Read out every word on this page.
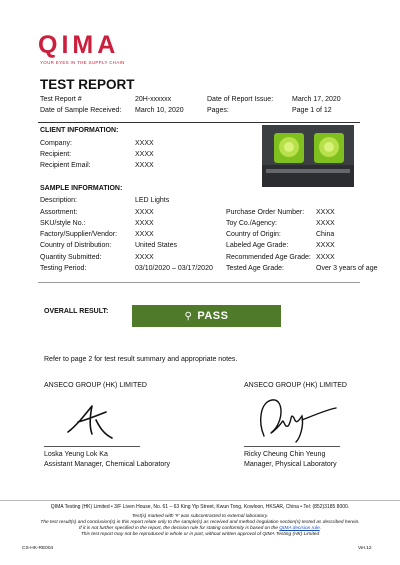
QIMA
YOUR EYES IN THE SUPPLY CHAIN
TEST REPORT
Test Report #	20H-xxxxxx	Date of Report Issue:	March 17, 2020
Date of Sample Received: March 10, 2020	Pages:	Page 1 of 12
CLIENT INFORMATION:
Company:	XXXX
Recipient:	XXXX
Recipient Email:	XXXX
SAMPLE INFORMATION:
Description:	LED Lights
Assortment:	XXXX
SKU/style No.:	XXXX
Factory/Supplier/Vendor:	XXXX
Country of Distribution:	United States
Quantity Submitted:	XXXX
Testing Period:	03/10/2020 – 03/17/2020
Purchase Order Number: XXXX
Toy Co./Agency:	XXXX
Country of Origin:	China
Labeled Age Grade:	XXXX
Recommended Age Grade: XXXX
Tested Age Grade:	Over 3 years of age
OVERALL RESULT:	⚲ PASS
Refer to page 2 for test result summary and appropriate notes.
ANSECO GROUP (HK) LIMITED	ANSECO GROUP (HK) LIMITED
Loska Yeung Lok Ka
Assistant Manager, Chemical Laboratory
Ricky Cheung Chin Yeung
Manager, Physical Laboratory
QIMA Testing (HK) Limited • 3/F Liven House, No. 61 – 63 King Yip Street, Kwun Tong, Kowloon, HKSAR, China • Tel: (852)3185 8000.
Test(s) marked with '#' was subcontracted to external laboratory.
The test result(s) and conclusion(s) in this report relate only to the sample(s) as received and method /regulation section(s) tested as described herein.
If it is not further specified in the report, the decision rule for stating conformity is based on the QIMA decision rule.
This test report may not be reproduced in whole or in part, without written approval of QIMA Testing (HK) Limited
CS-HK-RE004	Ver.12
